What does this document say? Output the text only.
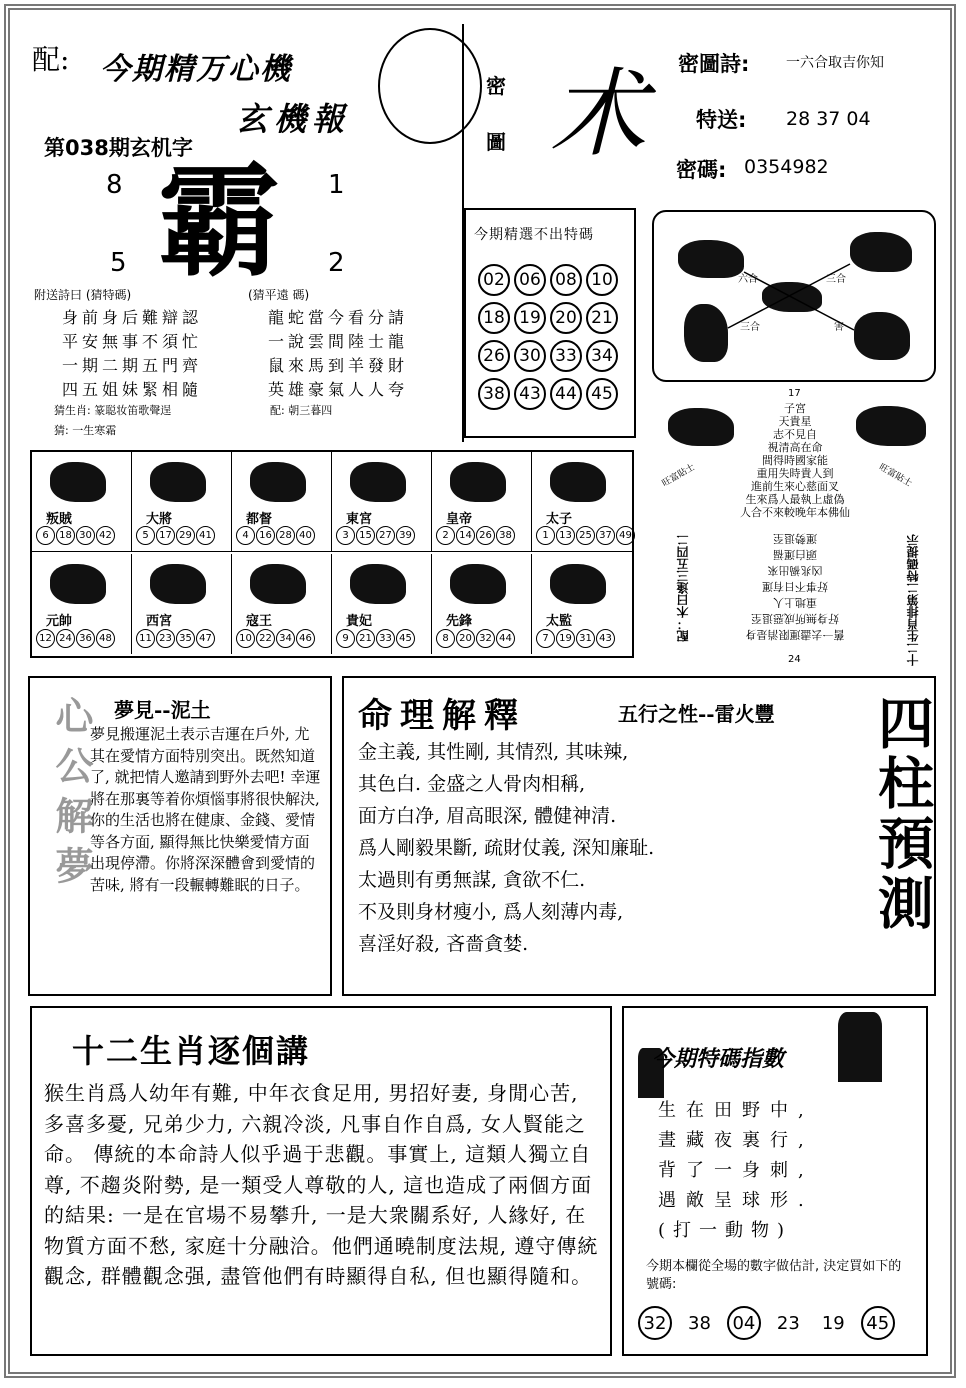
配: 今期精万心機
玄機報
第038期玄机字
8	1
5	2
霸
附送詩曰 (猜特碼)	(猜平遠 碼)
身前身后難辯認
平安無事不須忙
一期二期五門齊
四五姐妹緊相隨
龍蛇當今看分請
一說雲間陸士龍
鼠來馬到羊發財
英雄豪氣人人夸
猜生肖: 篆聪妆笛歌聲逞
猜: 一生寒霜
配: 朝三暮四
密
圖 术 密圖詩:	一六合取吉你知
特送: 28 37 04
密碼: 0354982
今期精選不出特碼
02 06 08 10
18 19 20 21
26 30 33 34
38 43 44 45
六合	三合
三合	害
叛賊
6 18 30 42
大將
5 17 29 41
都督
4 16 28 40
東宮
3 15 27 39
皇帝
2 14 26 38
太子
1 13 25 37 49
元帥
12 24 36 48
西宮
11 23 35 47
寇王
10 22 34 46
貴妃
9 21 33 45
先鋒
8 20 32 44
太監
7 19 31 43
17
24
旺富貼士	旺富貼士
子宮
天貴星
志不見自
視清高在命
間得時國家能
重用失時貴人到
進前生來心慈面叉
生來爲人最執上虛偽
人合不來較晚年本佛仙
舊一去盡運限消是身
好身無所成惡退至
重地上人
好事不日有運
凶兆禍出來
頭白運福
運勢退至
配：木曰逢三五四二	十二生肖排第二特碼提示
心公解夢 夢見--泥土
夢見搬運泥土表示吉運在戶外, 尤其在愛情方面特別突出。既然知道了, 就把情人邀請到野外去吧! 幸運將在那裏等着你煩惱事將很快解決, 你的生活也將在健康、金錢、愛情等各方面, 顯得無比快樂愛情方面出現停滯。你將深深體會到愛情的苦味, 將有一段輾轉難眠的日子。
命理解釋	五行之性--雷火豐
金主義, 其性剛, 其情烈, 其味辣,
其色白. 金盛之人骨肉相稱,
面方白净, 眉高眼深, 體健神清.
爲人剛毅果斷, 疏財仗義, 深知廉耻.
太過則有勇無謀, 貪欲不仁.
不及則身材瘦小, 爲人刻薄内毒,
喜淫好殺, 吝嗇貪婪.
四柱預測
十二生肖逐個講
猴生肖爲人幼年有難, 中年衣食足用, 男招好妻, 身閒心苦, 多喜多憂, 兄弟少力, 六親冷淡, 凡事自作自爲, 女人賢能之命。 傳統的本命詩人似乎過于悲觀。事實上, 這類人獨立自尊, 不趨炎附勢, 是一類受人尊敬的人, 這也造成了兩個方面的結果: 一是在官場不易攀升, 一是大衆關系好, 人緣好, 在物質方面不愁, 家庭十分融洽。他們通曉制度法規, 遵守傳統觀念, 群體觀念强, 盡管他們有時顯得自私, 但也顯得隨和。
今期特碼指數
生在田野中,
晝藏夜裏行,
背了一身刺,
遇敵呈球形.
(打一動物)
今期本欄從全場的數字做估計, 決定買如下的號碼:
32	38	04	23	19	45
